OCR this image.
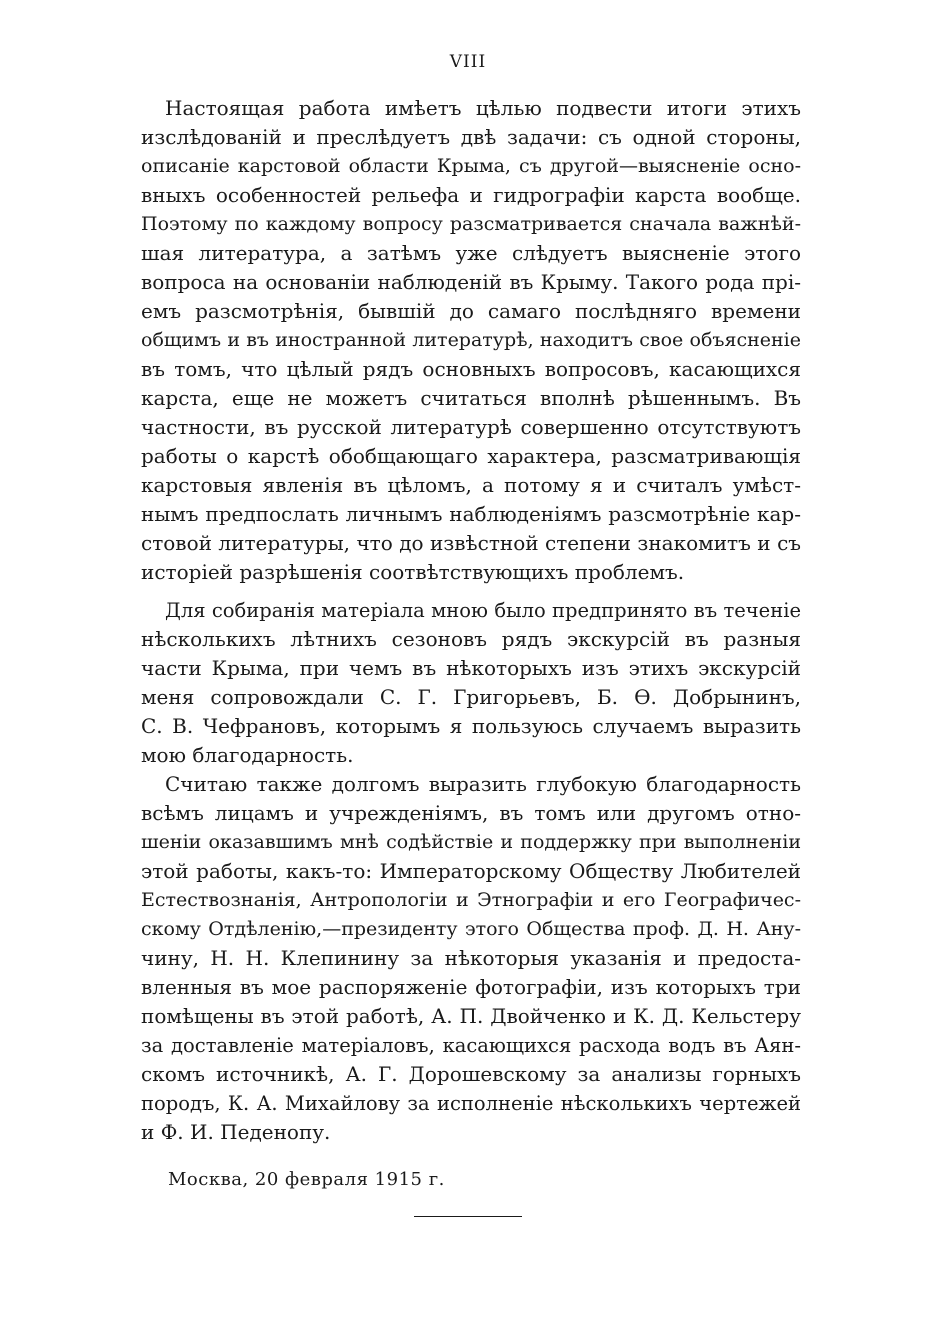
VIII
Настоящая работа имѣетъ цѣлью подвести итоги этихъ
изслѣдованій и преслѣдуетъ двѣ задачи: съ одной стороны,
описаніе карстовой области Крыма, съ другой—выясненіе осно-
вныхъ особенностей рельефа и гидрографіи карста вообще.
Поэтому по каждому вопросу разсматривается сначала важнѣй-
шая литература, а затѣмъ уже слѣдуетъ выясненіе этого
вопроса на основаніи наблюденій въ Крыму. Такого рода прі-
емъ разсмотрѣнія, бывшій до самаго послѣдняго времени
общимъ и въ иностранной литературѣ, находитъ свое объясненіе
въ томъ, что цѣлый рядъ основныхъ вопросовъ, касающихся
карста, еще не можетъ считаться вполнѣ рѣшеннымъ. Въ
частности, въ русской литературѣ совершенно отсутствуютъ
работы о карстѣ обобщающаго характера, разсматривающія
карстовыя явленія въ цѣломъ, а потому я и считалъ умѣст-
нымъ предпослать личнымъ наблюденіямъ разсмотрѣніе кар-
стовой литературы, что до извѣстной степени знакомитъ и съ
исторіей разрѣшенія соотвѣтствующихъ проблемъ.
Для собиранія матеріала мною было предпринято въ теченіе
нѣсколькихъ лѣтнихъ сезоновъ рядъ экскурсій въ разныя
части Крыма, при чемъ въ нѣкоторыхъ изъ этихъ экскурсій
меня сопровождали С. Г. Григорьевъ, Б. Ѳ. Добрынинъ,
С. В. Чефрановъ, которымъ я пользуюсь случаемъ выразить
мою благодарность.
Считаю также долгомъ выразить глубокую благодарность
всѣмъ лицамъ и учрежденіямъ, въ томъ или другомъ отно-
шеніи оказавшимъ мнѣ содѣйствіе и поддержку при выполненіи
этой работы, какъ-то: Императорскому Обществу Любителей
Естествознанія, Антропологіи и Этнографіи и его Географичес-
скому Отдѣленію,—президенту этого Общества проф. Д. Н. Ану-
чину, Н. Н. Клепинину за нѣкоторыя указанія и предоста-
вленныя въ мое распоряженіе фотографіи, изъ которыхъ три
помѣщены въ этой работѣ, А. П. Двойченко и К. Д. Кельстеру
за доставленіе матеріаловъ, касающихся расхода водъ въ Аян-
скомъ источникѣ, А. Г. Дорошевскому за анализы горныхъ
породъ, К. А. Михайлову за исполненіе нѣсколькихъ чертежей
и Ф. И. Педенопу.
Москва, 20 февраля 1915 г.
